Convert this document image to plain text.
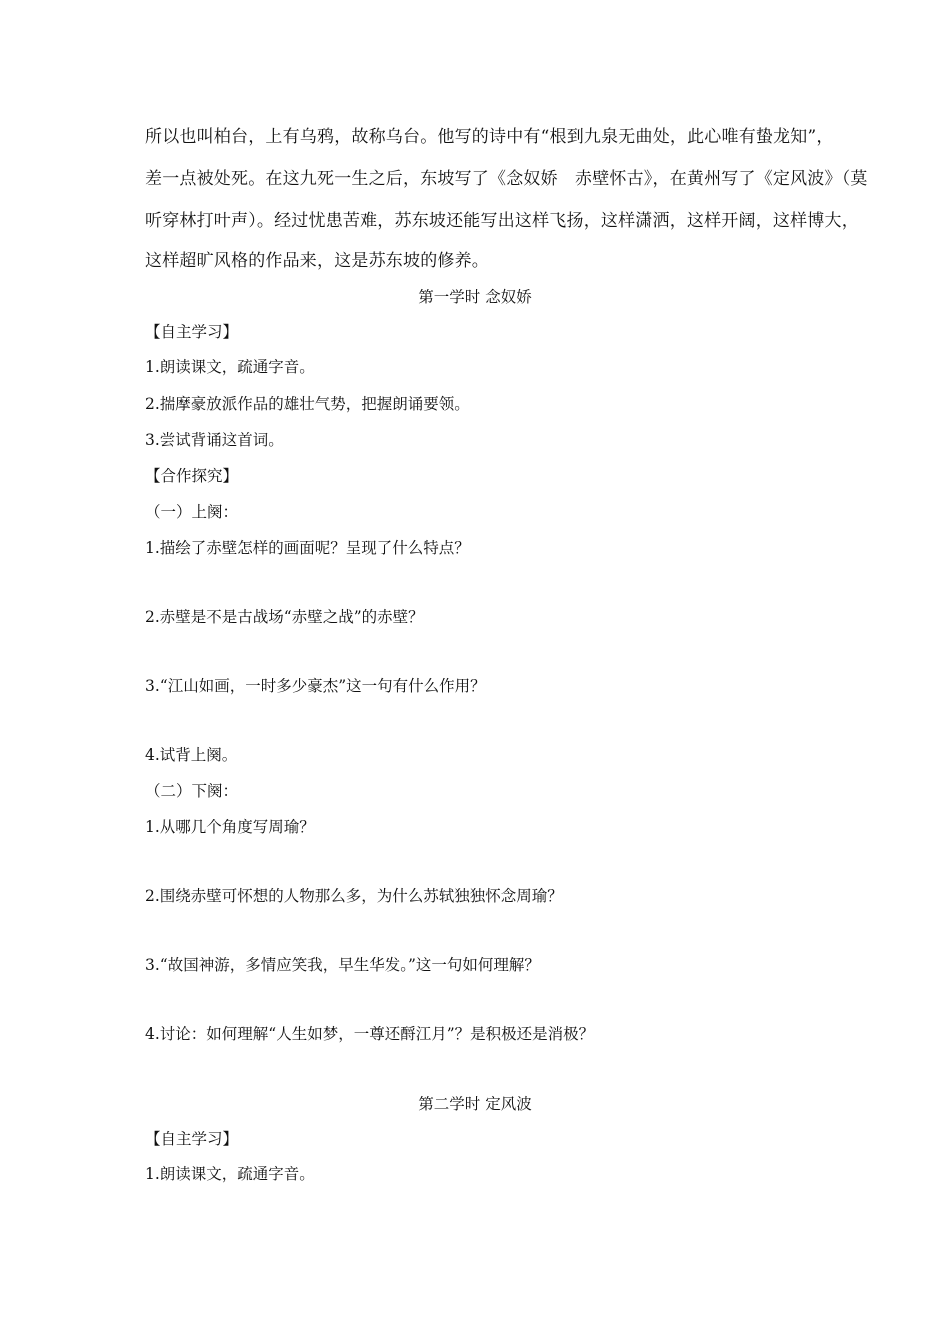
所以也叫柏台，上有乌鸦，故称乌台。他写的诗中有“根到九泉无曲处，此心唯有蛰龙知”，
差一点被处死。在这九死一生之后，东坡写了《念奴娇　赤壁怀古》，在黄州写了《定风波》（莫
听穿林打叶声）。经过忧患苦难，苏东坡还能写出这样飞扬，这样潇洒，这样开阔，这样博大，
这样超旷风格的作品来，这是苏东坡的修养。
第一学时 念奴娇
【自主学习】
1.朗读课文，疏通字音。
2.揣摩豪放派作品的雄壮气势，把握朗诵要领。
3.尝试背诵这首词。
【合作探究】
（一）上阕：
1.描绘了赤壁怎样的画面呢？呈现了什么特点？
2.赤壁是不是古战场“赤壁之战”的赤壁？
3.“江山如画，一时多少豪杰”这一句有什么作用？
4.试背上阕。
（二）下阕：
1.从哪几个角度写周瑜？
2.围绕赤壁可怀想的人物那么多，为什么苏轼独独怀念周瑜？
3.“故国神游，多情应笑我，早生华发。”这一句如何理解？
4.讨论：如何理解“人生如梦，一尊还酹江月”？是积极还是消极？
第二学时 定风波
【自主学习】
1.朗读课文，疏通字音。
